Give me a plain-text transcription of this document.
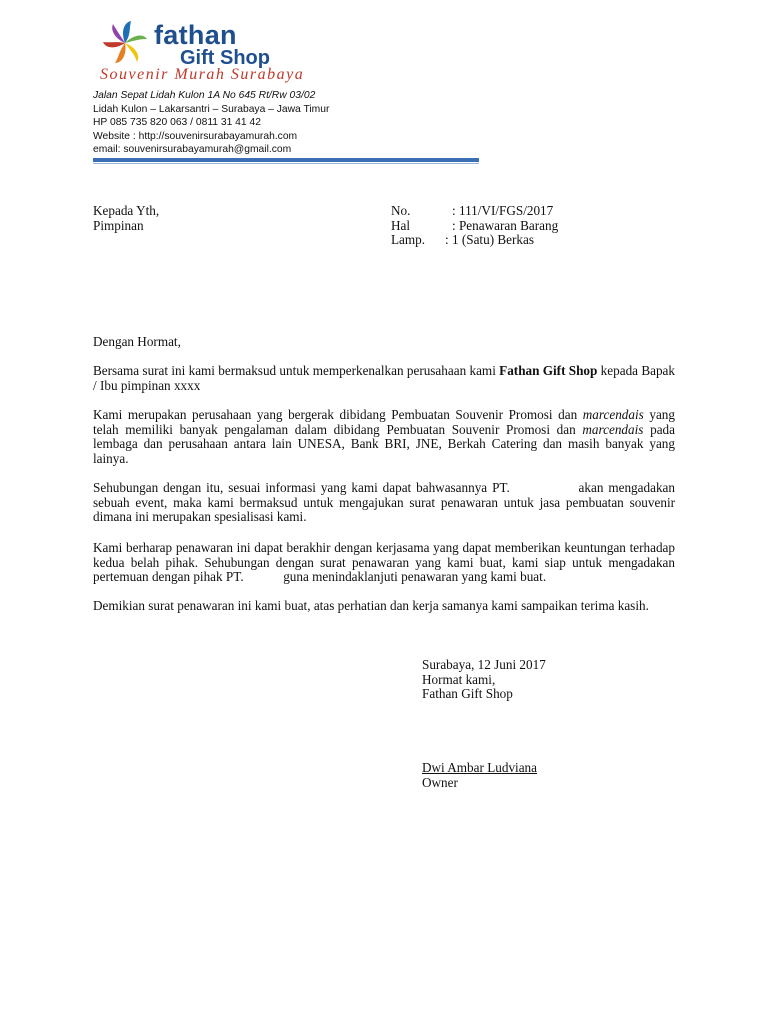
fathan
Gift Shop
Souvenir Murah Surabaya
Jalan Sepat Lidah Kulon 1A No 645 Rt/Rw 03/02
Lidah Kulon – Lakarsantri – Surabaya – Jawa Timur
HP 085 735 820 063 / 0811 31 41 42
Website : http://souvenirsurabayamurah.com
email: souvenirsurabayamurah@gmail.com
Kepada Yth,
Pimpinan
No.	: 111/VI/FGS/2017
Hal	: Penawaran Barang
Lamp. : 1 (Satu) Berkas
Dengan Hormat,

Bersama surat ini kami bermaksud untuk memperkenalkan perusahaan kami Fathan Gift Shop kepada Bapak / Ibu pimpinan xxxx

Kami merupakan perusahaan yang bergerak dibidang Pembuatan Souvenir Promosi dan marcendais yang telah memiliki banyak pengalaman dalam dibidang Pembuatan Souvenir Promosi dan marcendais pada lembaga dan perusahaan antara lain UNESA, Bank BRI, JNE, Berkah Catering dan masih banyak yang lainya.

Sehubungan dengan itu, sesuai informasi yang kami dapat bahwasannya PT.              akan mengadakan sebuah event, maka kami bermaksud untuk mengajukan surat penawaran untuk jasa pembuatan souvenir dimana ini merupakan spesialisasi kami.
Kami berharap penawaran ini dapat berakhir dengan kerjasama yang dapat memberikan keuntungan terhadap kedua belah pihak. Sehubungan dengan surat penawaran yang kami buat, kami siap untuk mengadakan pertemuan dengan pihak PT.            guna menindaklanjuti penawaran yang kami buat.
Demikian surat penawaran ini kami buat, atas perhatian dan kerja samanya kami sampaikan terima kasih.
Surabaya, 12 Juni 2017
Hormat kami,
Fathan Gift Shop
Dwi Ambar Ludviana
Owner
